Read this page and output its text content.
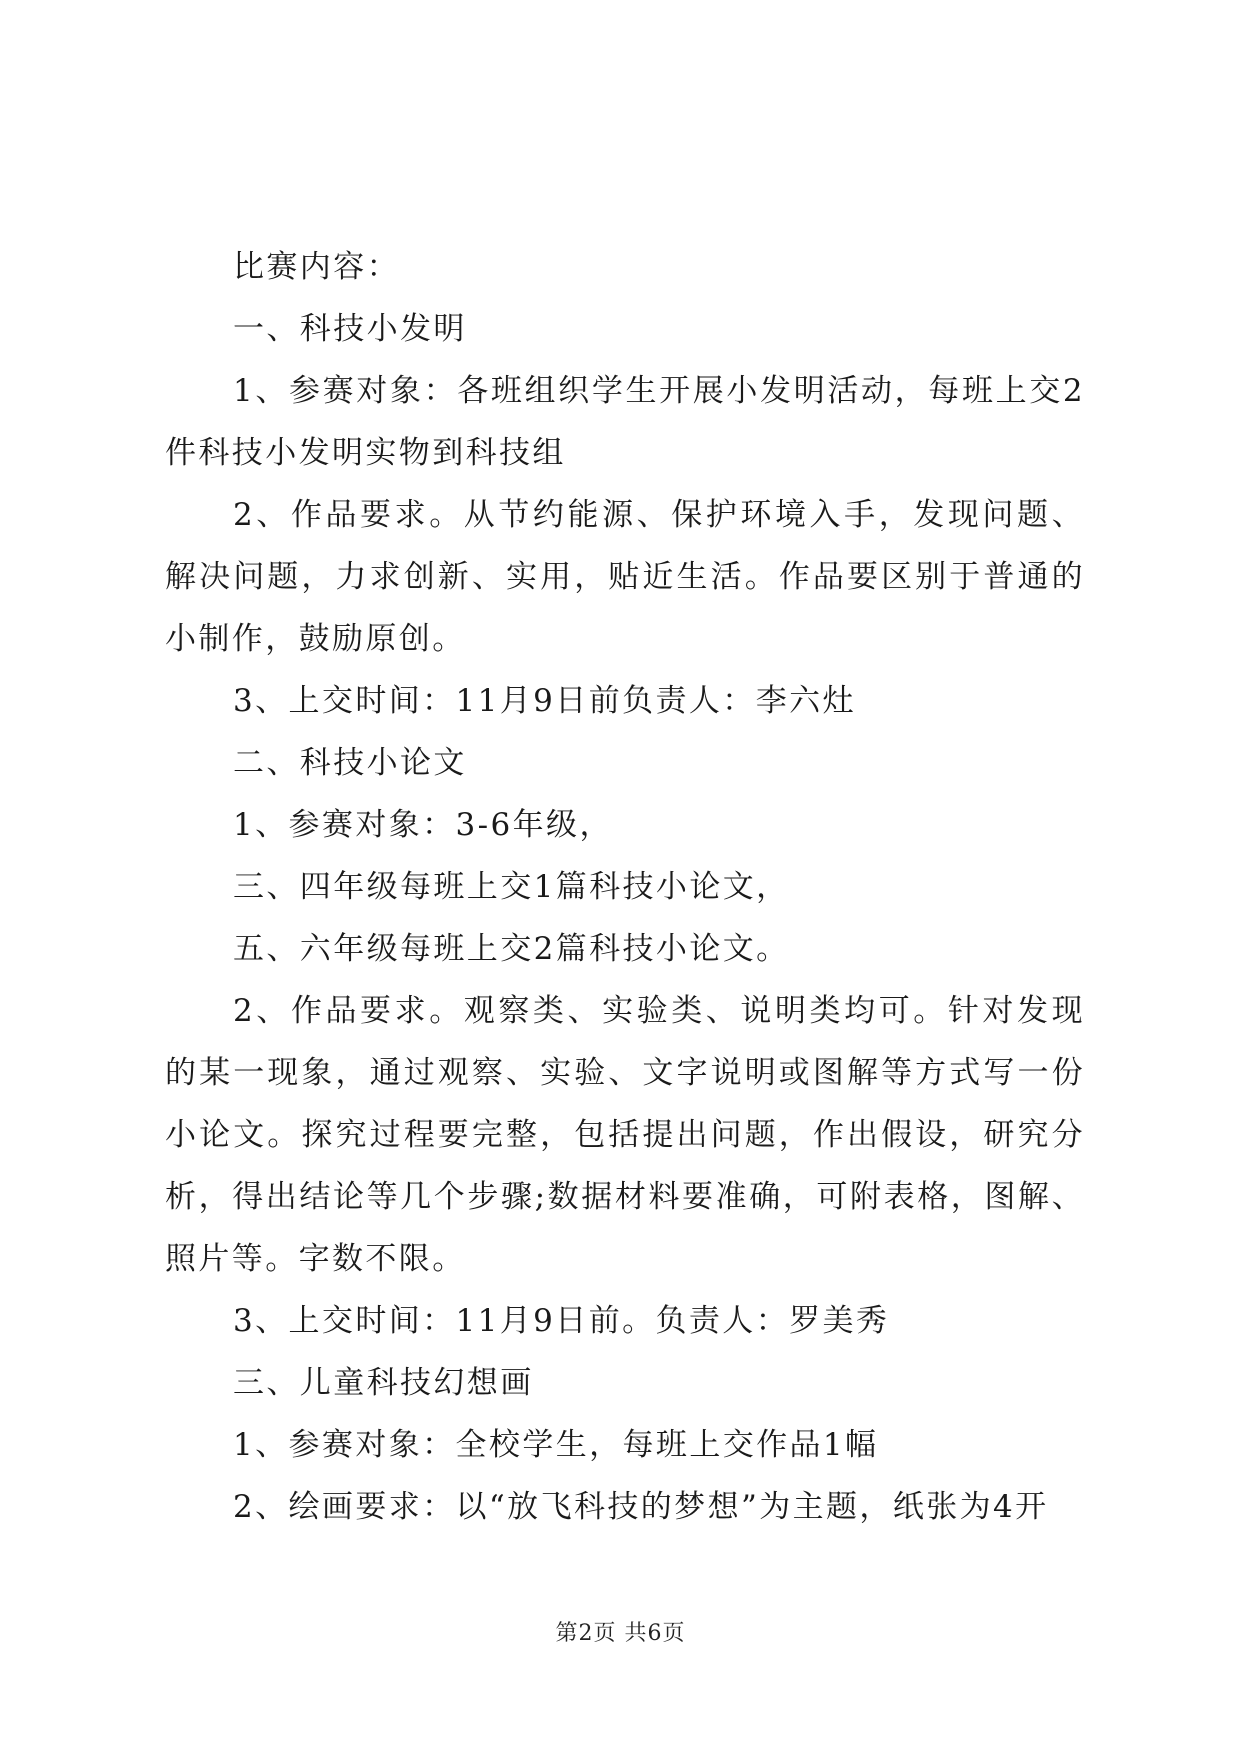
比赛内容：

一、科技小发明

1、参赛对象：各班组织学生开展小发明活动，每班上交2件科技小发明实物到科技组

2、作品要求。从节约能源、保护环境入手，发现问题、解决问题，力求创新、实用，贴近生活。作品要区别于普通的小制作，鼓励原创。

3、上交时间：11月9日前负责人：李六灶

二、科技小论文

1、参赛对象：3-6年级，

三、四年级每班上交1篇科技小论文，

五、六年级每班上交2篇科技小论文。

2、作品要求。观察类、实验类、说明类均可。针对发现的某一现象，通过观察、实验、文字说明或图解等方式写一份小论文。探究过程要完整，包括提出问题，作出假设，研究分析，得出结论等几个步骤;数据材料要准确，可附表格，图解、照片等。字数不限。

3、上交时间：11月9日前。负责人：罗美秀

三、儿童科技幻想画

1、参赛对象：全校学生，每班上交作品1幅

2、绘画要求：以“放飞科技的梦想”为主题，纸张为4开

第2页 共6页
